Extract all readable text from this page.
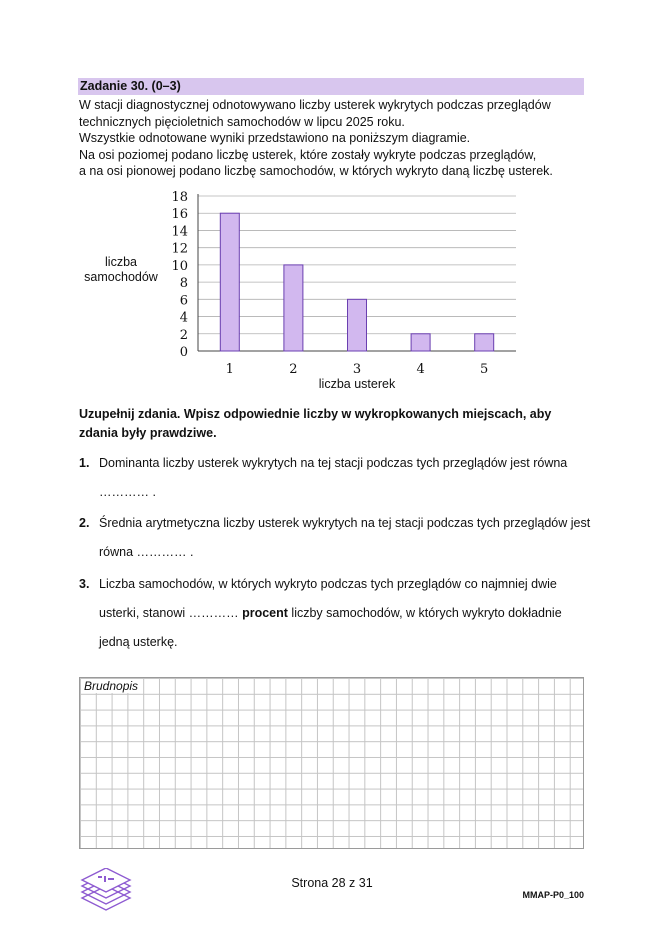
Zadanie 30. (0–3)

W stacji diagnostycznej odnotowywano liczby usterek wykrytych podczas przeglądów

technicznych pięcioletnich samochodów w lipcu 2025 roku.

Wszystkie odnotowane wyniki przedstawiono na poniższym diagramie.

Na osi poziomej podano liczbę usterek, które zostały wykryte podczas przeglądów,

a na osi pionowej podano liczbę samochodów, w których wykryto daną liczbę usterek.

0
2
4
6
8
10
12
14
16
18
1	2	3	4	5
liczba usterek
liczba
samochodów
Uzupełnij zdania. Wpisz odpowiednie liczby w wykropkowanych miejscach, aby zdania były prawdziwe.
1. Dominanta liczby usterek wykrytych na tej stacji podczas tych przeglądów jest równa
………… .
2. Średnia arytmetyczna liczby usterek wykrytych na tej stacji podczas tych przeglądów jest
równa ………… .
3. Liczba samochodów, w których wykryto podczas tych przeglądów co najmniej dwie
usterki, stanowi ………… procent liczby samochodów, w których wykryto dokładnie
jedną usterkę.
Brudnopis
Strona 28 z 31
MMAP-P0_100
